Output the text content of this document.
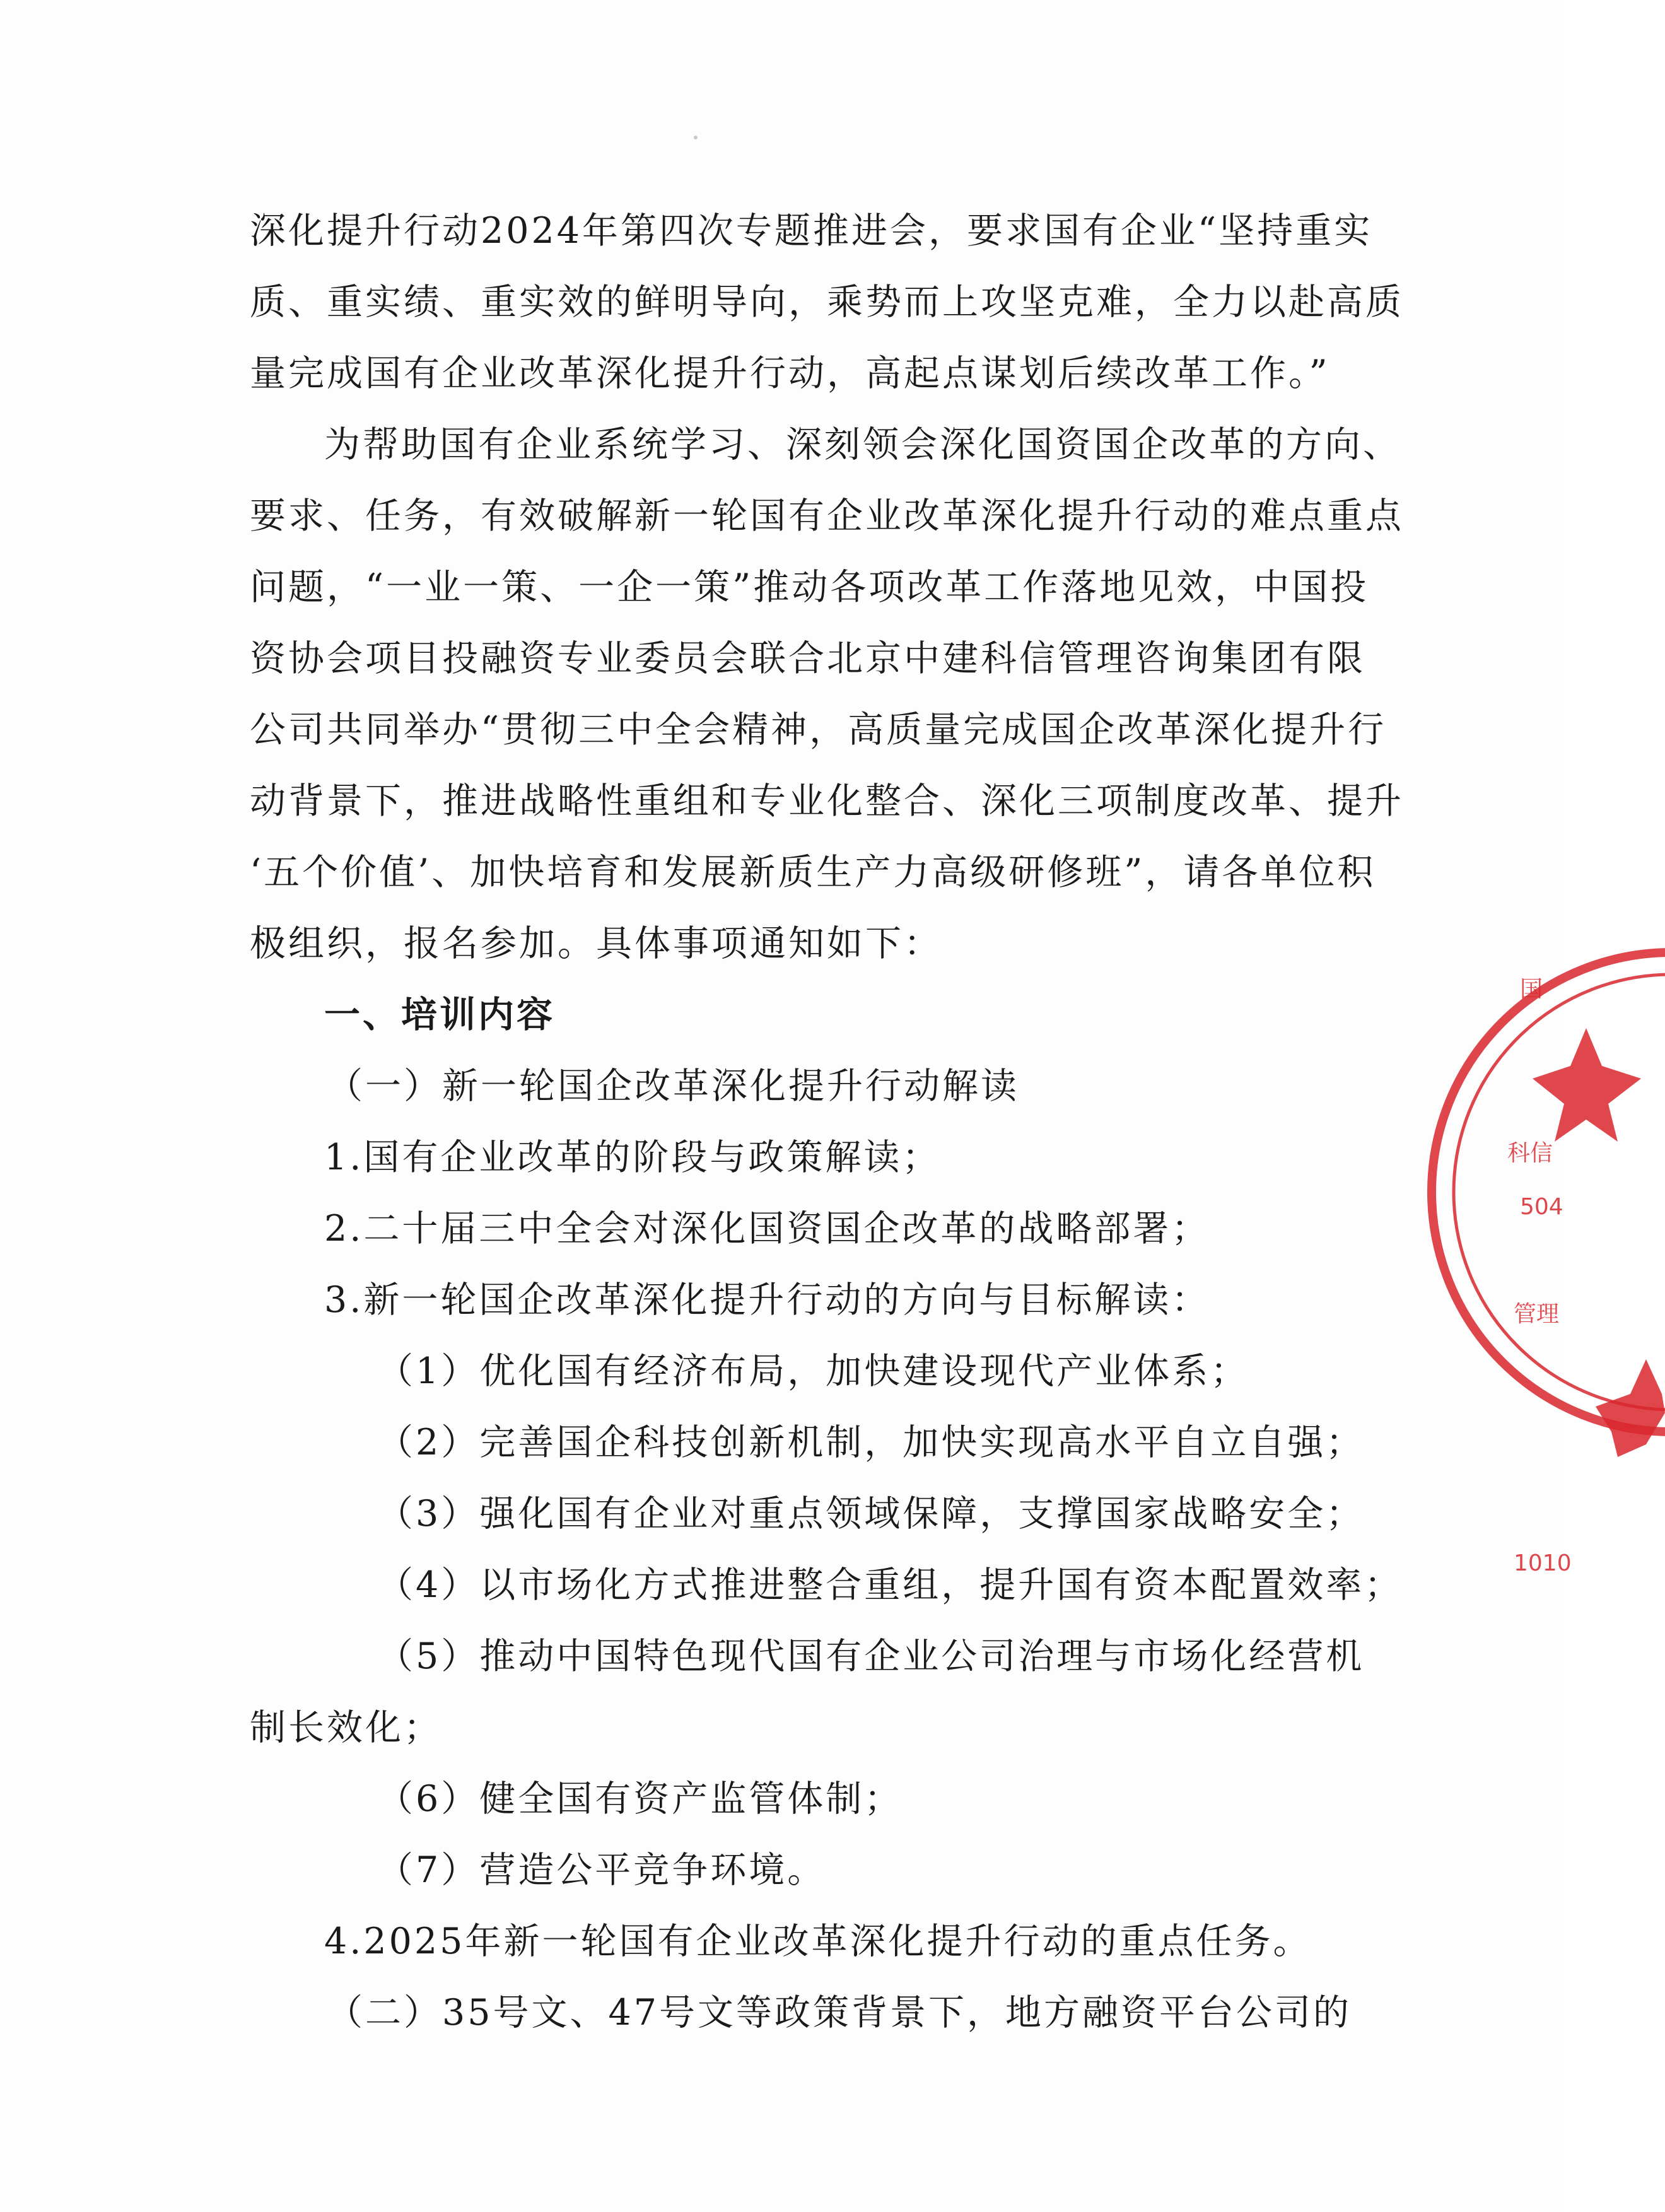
深化提升行动2024年第四次专题推进会，要求国有企业“坚持重实
质、重实绩、重实效的鲜明导向，乘势而上攻坚克难，全力以赴高质
量完成国有企业改革深化提升行动，高起点谋划后续改革工作。”
为帮助国有企业系统学习、深刻领会深化国资国企改革的方向、
要求、任务，有效破解新一轮国有企业改革深化提升行动的难点重点
问题，“一业一策、一企一策”推动各项改革工作落地见效，中国投
资协会项目投融资专业委员会联合北京中建科信管理咨询集团有限
公司共同举办“贯彻三中全会精神，高质量完成国企改革深化提升行
动背景下，推进战略性重组和专业化整合、深化三项制度改革、提升
‘五个价值’、加快培育和发展新质生产力高级研修班”，请各单位积
极组织，报名参加。具体事项通知如下：
一、培训内容
（一）新一轮国企改革深化提升行动解读
1.国有企业改革的阶段与政策解读；
2.二十届三中全会对深化国资国企改革的战略部署；
3.新一轮国企改革深化提升行动的方向与目标解读：
（1）优化国有经济布局，加快建设现代产业体系；
（2）完善国企科技创新机制，加快实现高水平自立自强；
（3）强化国有企业对重点领域保障，支撑国家战略安全；
（4）以市场化方式推进整合重组，提升国有资本配置效率；
（5）推动中国特色现代国有企业公司治理与市场化经营机
制长效化；
（6）健全国有资产监管体制；
（7）营造公平竞争环境。
4.2025年新一轮国有企业改革深化提升行动的重点任务。
（二）35号文、47号文等政策背景下，地方融资平台公司的
国
科信
504
管理
1010
